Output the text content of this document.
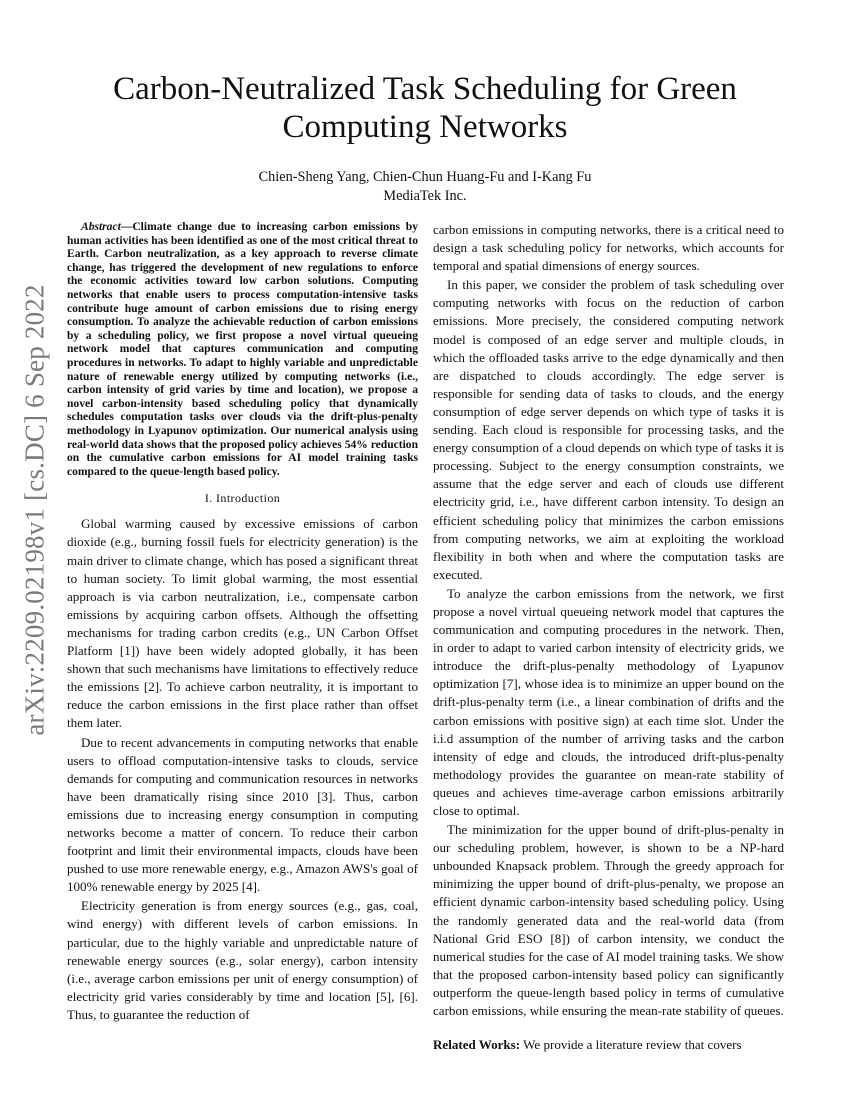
arXiv:2209.02198v1 [cs.DC] 6 Sep 2022
Carbon-Neutralized Task Scheduling for Green Computing Networks
Chien-Sheng Yang, Chien-Chun Huang-Fu and I-Kang Fu
MediaTek Inc.

Abstract—Climate change due to increasing carbon emissions by human activities has been identified as one of the most critical threat to Earth. Carbon neutralization, as a key approach to reverse climate change, has triggered the development of new regulations to enforce the economic activities toward low carbon solutions. Computing networks that enable users to process computation-intensive tasks contribute huge amount of carbon emissions due to rising energy consumption. To analyze the achievable reduction of carbon emissions by a scheduling policy, we first propose a novel virtual queueing network model that captures communication and computing procedures in networks. To adapt to highly variable and unpredictable nature of renewable energy utilized by computing networks (i.e., carbon intensity of grid varies by time and location), we propose a novel carbon-intensity based scheduling policy that dynamically schedules computation tasks over clouds via the drift-plus-penalty methodology in Lyapunov optimization. Our numerical analysis using real-world data shows that the proposed policy achieves 54% reduction on the cumulative carbon emissions for AI model training tasks compared to the queue-length based policy.

I. Introduction

Global warming caused by excessive emissions of carbon dioxide (e.g., burning fossil fuels for electricity generation) is the main driver to climate change, which has posed a significant threat to human society. To limit global warming, the most essential approach is via carbon neutralization, i.e., compensate carbon emissions by acquiring carbon offsets. Although the offsetting mechanisms for trading carbon credits (e.g., UN Carbon Offset Platform [1]) have been widely adopted globally, it has been shown that such mechanisms have limitations to effectively reduce the emissions [2]. To achieve carbon neutrality, it is important to reduce the carbon emissions in the first place rather than offset them later.

Due to recent advancements in computing networks that enable users to offload computation-intensive tasks to clouds, service demands for computing and communication resources in networks have been dramatically rising since 2010 [3]. Thus, carbon emissions due to increasing energy consumption in computing networks become a matter of concern. To reduce their carbon footprint and limit their environmental impacts, clouds have been pushed to use more renewable energy, e.g., Amazon AWS's goal of 100% renewable energy by 2025 [4].

Electricity generation is from energy sources (e.g., gas, coal, wind energy) with different levels of carbon emissions. In particular, due to the highly variable and unpredictable nature of renewable energy sources (e.g., solar energy), carbon intensity (i.e., average carbon emissions per unit of energy consumption) of electricity grid varies considerably by time and location [5], [6]. Thus, to guarantee the reduction of

carbon emissions in computing networks, there is a critical need to design a task scheduling policy for networks, which accounts for temporal and spatial dimensions of energy sources.

In this paper, we consider the problem of task scheduling over computing networks with focus on the reduction of carbon emissions. More precisely, the considered computing network model is composed of an edge server and multiple clouds, in which the offloaded tasks arrive to the edge dynamically and then are dispatched to clouds accordingly. The edge server is responsible for sending data of tasks to clouds, and the energy consumption of edge server depends on which type of tasks it is sending. Each cloud is responsible for processing tasks, and the energy consumption of a cloud depends on which type of tasks it is processing. Subject to the energy consumption constraints, we assume that the edge server and each of clouds use different electricity grid, i.e., have different carbon intensity. To design an efficient scheduling policy that minimizes the carbon emissions from computing networks, we aim at exploiting the workload flexibility in both when and where the computation tasks are executed.

To analyze the carbon emissions from the network, we first propose a novel virtual queueing network model that captures the communication and computing procedures in the network. Then, in order to adapt to varied carbon intensity of electricity grids, we introduce the drift-plus-penalty methodology of Lyapunov optimization [7], whose idea is to minimize an upper bound on the drift-plus-penalty term (i.e., a linear combination of drifts and the carbon emissions with positive sign) at each time slot. Under the i.i.d assumption of the number of arriving tasks and the carbon intensity of edge and clouds, the introduced drift-plus-penalty methodology provides the guarantee on mean-rate stability of queues and achieves time-average carbon emissions arbitrarily close to optimal.

The minimization for the upper bound of drift-plus-penalty in our scheduling problem, however, is shown to be a NP-hard unbounded Knapsack problem. Through the greedy approach for minimizing the upper bound of drift-plus-penalty, we propose an efficient dynamic carbon-intensity based scheduling policy. Using the randomly generated data and the real-world data (from National Grid ESO [8]) of carbon intensity, we conduct the numerical studies for the case of AI model training tasks. We show that the proposed carbon-intensity based policy can significantly outperform the queue-length based policy in terms of cumulative carbon emissions, while ensuring the mean-rate stability of queues.

Related Works: We provide a literature review that covers
